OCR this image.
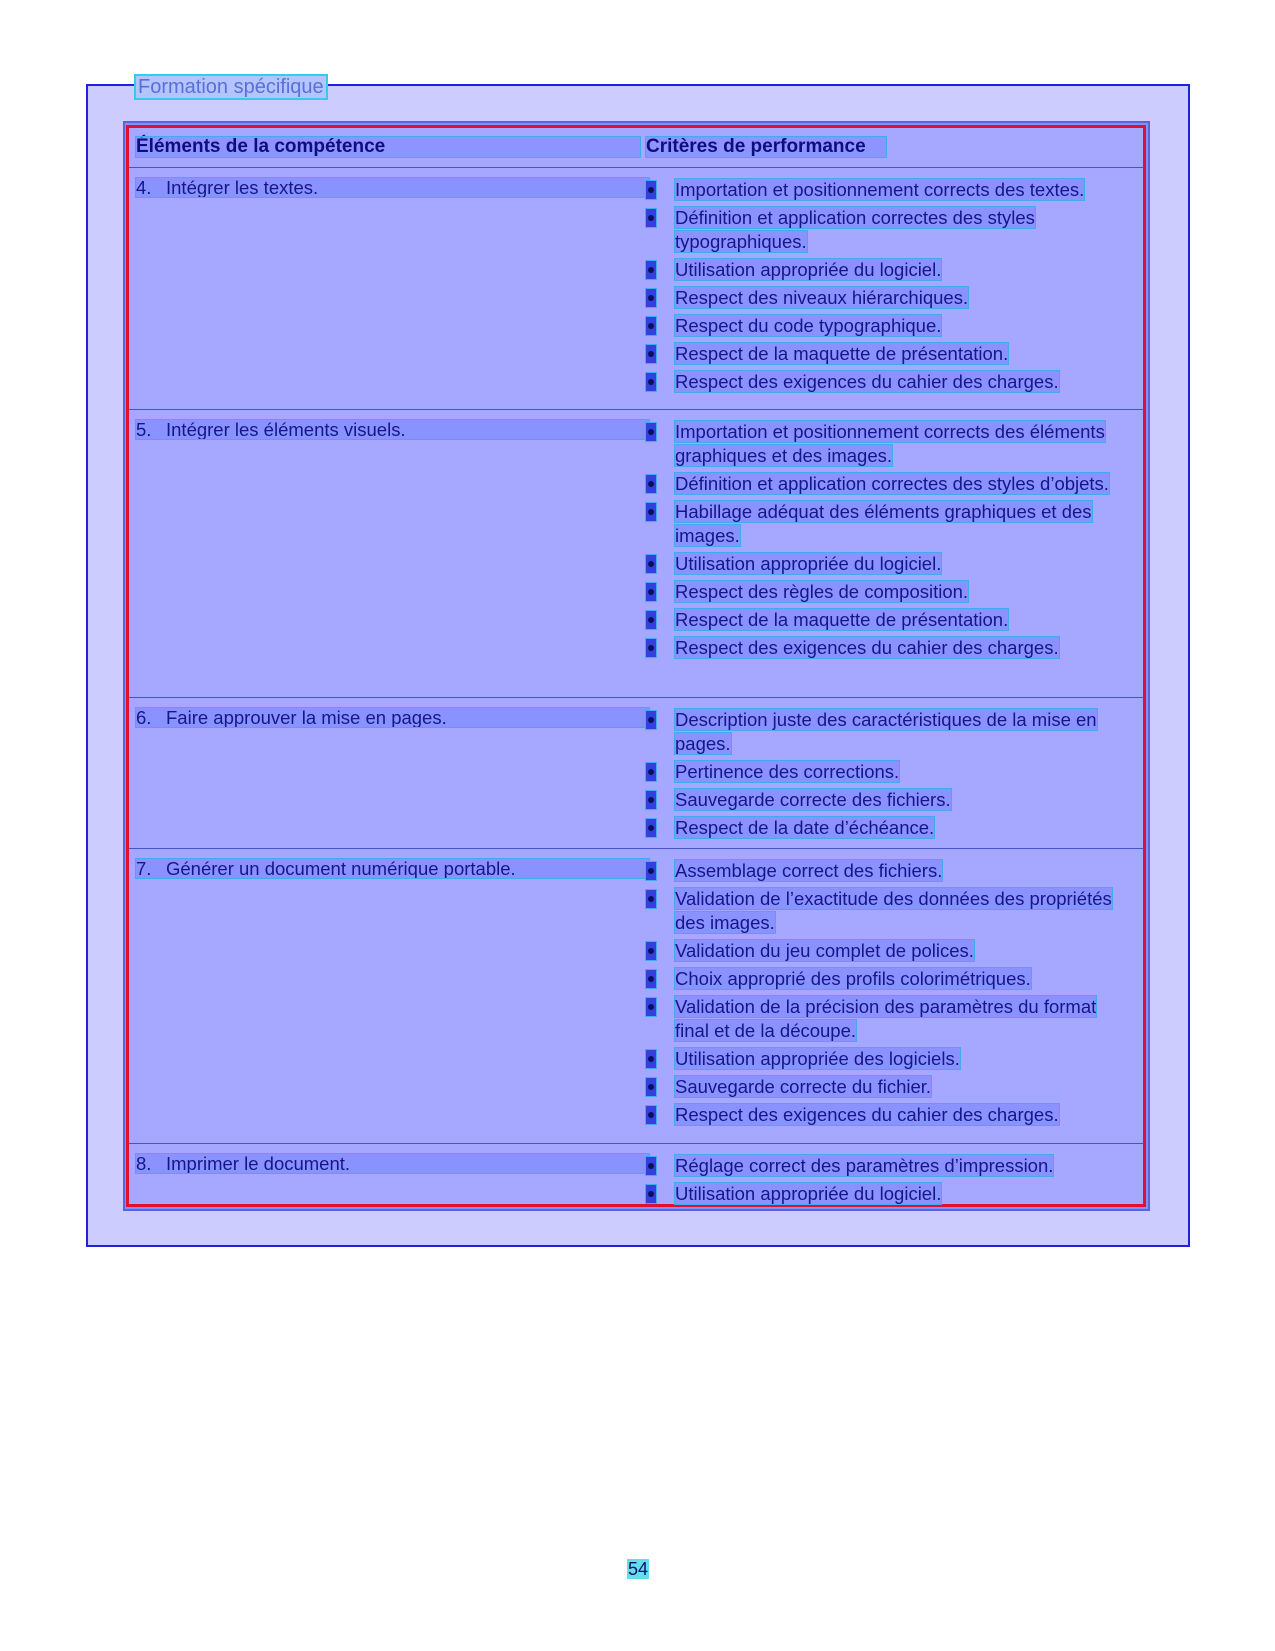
Formation spécifique
Éléments de la compétence	Critères de performance
4. Intégrer les textes.	Importation et positionnement corrects des textes.
Définition et application correctes des styles typographiques.
Utilisation appropriée du logiciel.
Respect des niveaux hiérarchiques.
Respect du code typographique.
Respect de la maquette de présentation.
Respect des exigences du cahier des charges.
5. Intégrer les éléments visuels.	Importation et positionnement corrects des éléments graphiques et des images.
Définition et application correctes des styles d’objets.
Habillage adéquat des éléments graphiques et des images.
Utilisation appropriée du logiciel.
Respect des règles de composition.
Respect de la maquette de présentation.
Respect des exigences du cahier des charges.
6. Faire approuver la mise en pages.	Description juste des caractéristiques de la mise en pages.
Pertinence des corrections.
Sauvegarde correcte des fichiers.
Respect de la date d’échéance.
7. Générer un document numérique portable.	Assemblage correct des fichiers.
Validation de l’exactitude des données des propriétés des images.
Validation du jeu complet de polices.
Choix approprié des profils colorimétriques.
Validation de la précision des paramètres du format final et de la découpe.
Utilisation appropriée des logiciels.
Sauvegarde correcte du fichier.
Respect des exigences du cahier des charges.
8. Imprimer le document.	Réglage correct des paramètres d’impression.
Utilisation appropriée du logiciel.
54
